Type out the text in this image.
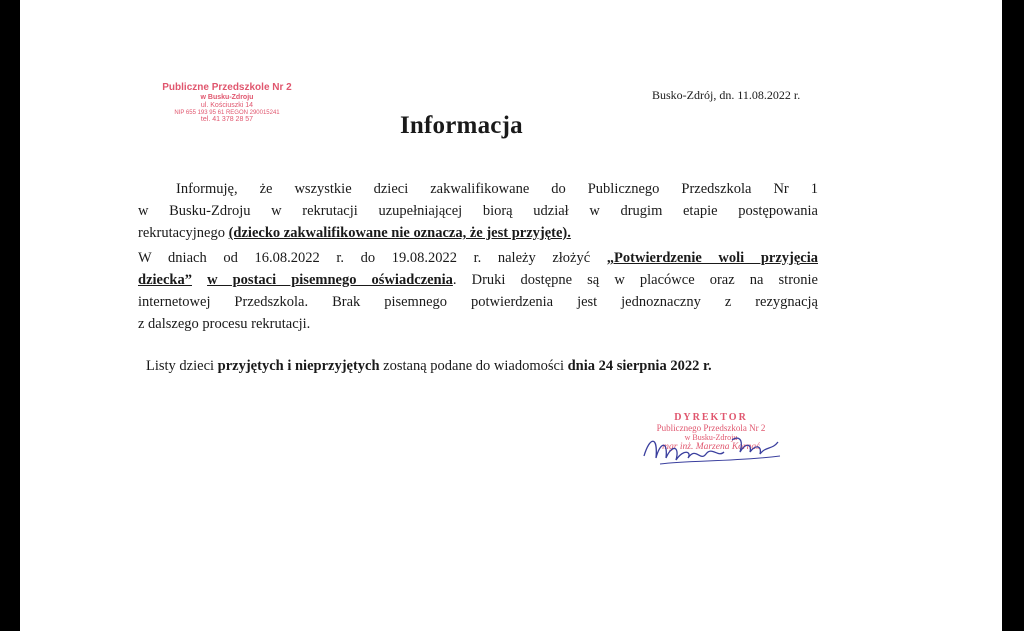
Publiczne Przedszkole Nr 2
w Busku-Zdroju
ul. Kościuszki 14
NIP 655 193 95 61 REGON 290015241
tel. 41 378 28 57
Busko-Zdrój, dn. 11.08.2022 r.
Informacja
Informuję, że wszystkie dzieci zakwalifikowane do Publicznego Przedszkola Nr 1
w Busku-Zdroju w rekrutacji uzupełniającej biorą udział w drugim etapie postępowania
rekrutacyjnego (dziecko zakwalifikowane nie oznacza, że jest przyjęte).
W dniach od 16.08.2022 r. do 19.08.2022 r. należy złożyć „Potwierdzenie woli przyjęcia
dziecka” w postaci pisemnego oświadczenia. Druki dostępne są w placówce oraz na stronie
internetowej Przedszkola. Brak pisemnego potwierdzenia jest jednoznaczny z rezygnacją
z dalszego procesu rekrutacji.
Listy dzieci przyjętych i nieprzyjętych zostaną podane do wiadomości dnia 24 sierpnia 2022 r.
DYREKTOR
Publicznego Przedszkola Nr 2
w Busku-Zdroju
mgr inż. Marzena Kornaś
